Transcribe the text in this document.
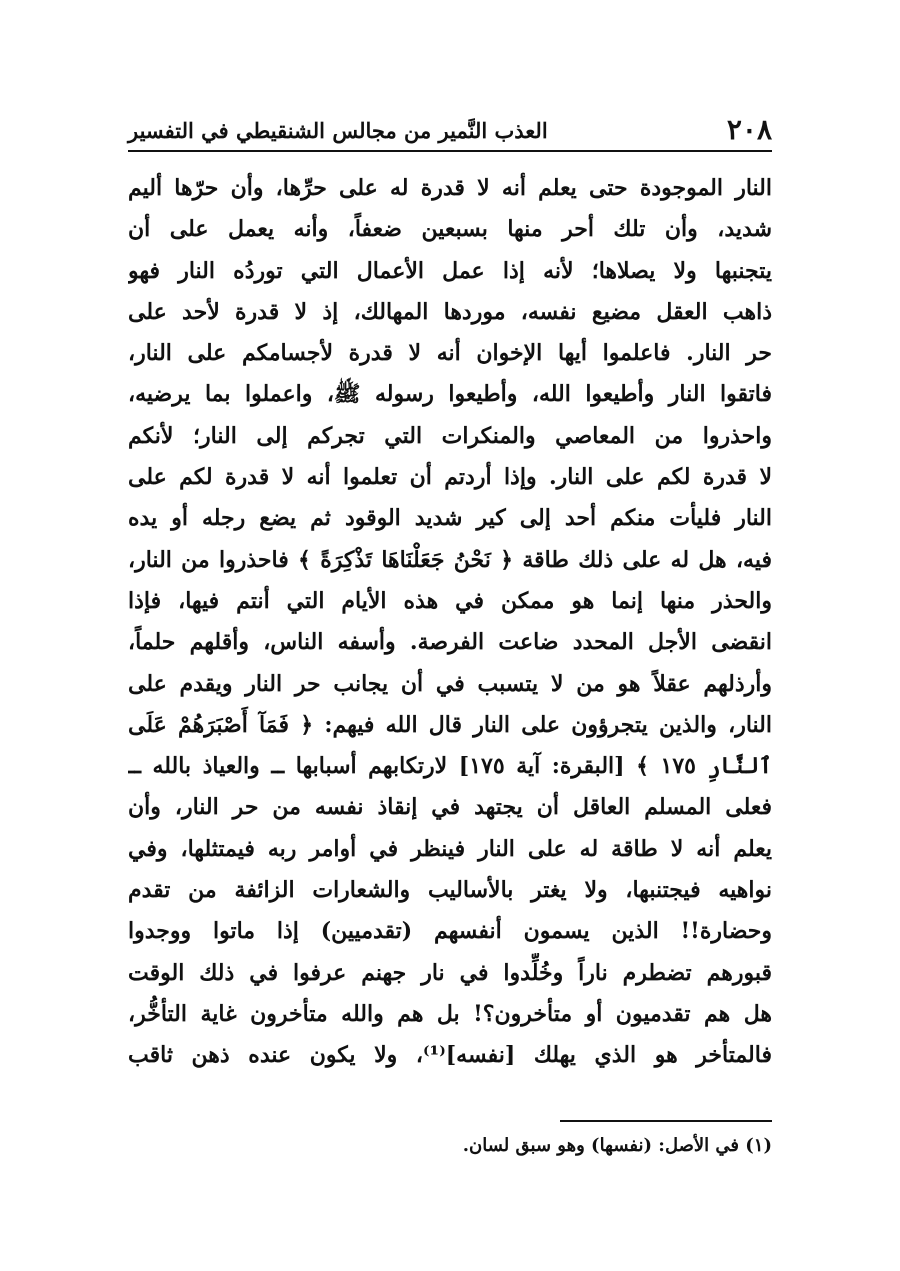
٢٠٨
العذب النَّمير من مجالس الشنقيطي في التفسير
النار الموجودة حتى يعلم أنه لا قدرة له على حرِّها، وأن حرّها أليم
شديد، وأن تلك أحر منها بسبعين ضعفاً، وأنه يعمل على أن
يتجنبها ولا يصلاها؛ لأنه إذا عمل الأعمال التي توردُه النار فهو
ذاهب العقل مضيع نفسه، موردها المهالك، إذ لا قدرة لأحد على
حر النار. فاعلموا أيها الإخوان أنه لا قدرة لأجسامكم على النار،
فاتقوا النار وأطيعوا الله، وأطيعوا رسوله ﷺ، واعملوا بما يرضيه،
واحذروا من المعاصي والمنكرات التي تجركم إلى النار؛ لأنكم
لا قدرة لكم على النار. وإذا أردتم أن تعلموا أنه لا قدرة لكم على
النار فليأت منكم أحد إلى كير شديد الوقود ثم يضع رجله أو يده
فيه، هل له على ذلك طاقة ﴿ نَحْنُ جَعَلْنَاهَا تَذْكِرَةً ﴾ فاحذروا من النار،
والحذر منها إنما هو ممكن في هذه الأيام التي أنتم فيها، فإذا
انقضى الأجل المحدد ضاعت الفرصة. وأسفه الناس، وأقلهم حلماً،
وأرذلهم عقلاً هو من لا يتسبب في أن يجانب حر النار ويقدم على
النار، والذين يتجرؤون على النار قال الله فيهم: ﴿ فَمَآ أَصْبَرَهُمْ عَلَى
ٱلنَّارِ ١٧٥ ﴾ [البقرة: آية ١٧٥] لارتكابهم أسبابها ــ والعياذ بالله ــ
فعلى المسلم العاقل أن يجتهد في إنقاذ نفسه من حر النار، وأن
يعلم أنه لا طاقة له على النار فينظر في أوامر ربه فيمتثلها، وفي
نواهيه فيجتنبها، ولا يغتر بالأساليب والشعارات الزائفة من تقدم
وحضارة!! الذين يسمون أنفسهم (تقدميين) إذا ماتوا ووجدوا
قبورهم تضطرم ناراً وخُلِّدوا في نار جهنم عرفوا في ذلك الوقت
هل هم تقدميون أو متأخرون؟! بل هم والله متأخرون غاية التأخُّر،
فالمتأخر هو الذي يهلك [نفسه]⁽¹⁾، ولا يكون عنده ذهن ثاقب
(١) في الأصل: (نفسها) وهو سبق لسان.
